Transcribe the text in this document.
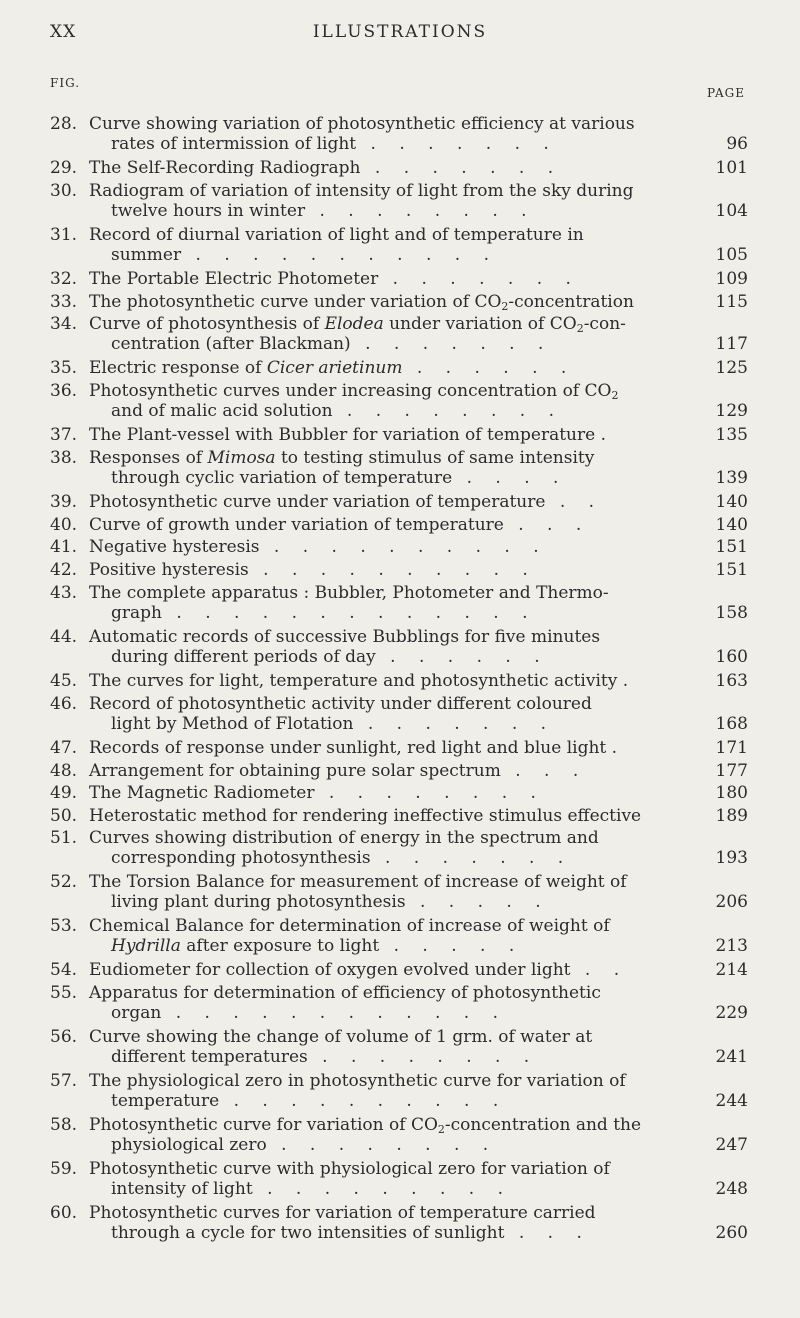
XX	ILLUSTRATIONS
FIG.
PAGE
28. Curve showing variation of photosynthetic efficiency at various
rates of intermission of light . . . . . . .	96
29. The Self-Recording Radiograph . . . . . . .	101
30. Radiogram of variation of intensity of light from the sky during
twelve hours in winter . . . . . . . .	104
31. Record of diurnal variation of light and of temperature in
summer . . . . . . . . . . .	105
32. The Portable Electric Photometer . . . . . . .	109
33. The photosynthetic curve under variation of $CO_2$-concentration	115
34. Curve of photosynthesis of Elodea under variation of $CO_2-con-$
centration (after Blackman) . . . . . . .	117
35. Electric response of Cicer arietinum . . . . . .	125
36. Photosynthetic curves under increasing concentration of $CO_2$
and of malic acid solution . . . . . . . .	129
37. The Plant-vessel with Bubbler for variation of temperature .	135
38. Responses of Mimosa to testing stimulus of same intensity
through cyclic variation of temperature . . . .	139
39. Photosynthetic curve under variation of temperature . .	140
40. Curve of growth under variation of temperature . . .	140
41. Negative hysteresis . . . . . . . . . .	151
42. Positive hysteresis . . . . . . . . . .	151
43. The complete apparatus : Bubbler, Photometer and Thermo-
graph . . . . . . . . . . . . .	158
44. Automatic records of successive Bubblings for five minutes
during different periods of day . . . . . .	160
45. The curves for light, temperature and photosynthetic activity .	163
46. Record of photosynthetic activity under different coloured
light by Method of Flotation . . . . . . .	168
47. Records of response under sunlight, red light and blue light .	171
48. Arrangement for obtaining pure solar spectrum . . .	177
49. The Magnetic Radiometer . . . . . . . .	180
50. Heterostatic method for rendering ineffective stimulus effective	189
51. Curves showing distribution of energy in the spectrum and
corresponding photosynthesis . . . . . . .	193
52. The Torsion Balance for measurement of increase of weight of
living plant during photosynthesis . . . . .	206
53. Chemical Balance for determination of increase of weight of
Hydrilla after exposure to light . . . . .	213
54. Eudiometer for collection of oxygen evolved under light . .	214
55. Apparatus for determination of efficiency of photosynthetic
organ . . . . . . . . . . . .	229
56. Curve showing the change of volume of 1 grm. of water at
different temperatures . . . . . . . .	241
57. The physiological zero in photosynthetic curve for variation of
temperature . . . . . . . . . .	244
58. Photosynthetic curve for variation of $CO_2$-concentration and the
physiological zero . . . . . . . .	247
59. Photosynthetic curve with physiological zero for variation of
intensity of light . . . . . . . . .	248
60. Photosynthetic curves for variation of temperature carried
through a cycle for two intensities of sunlight . . .	260
